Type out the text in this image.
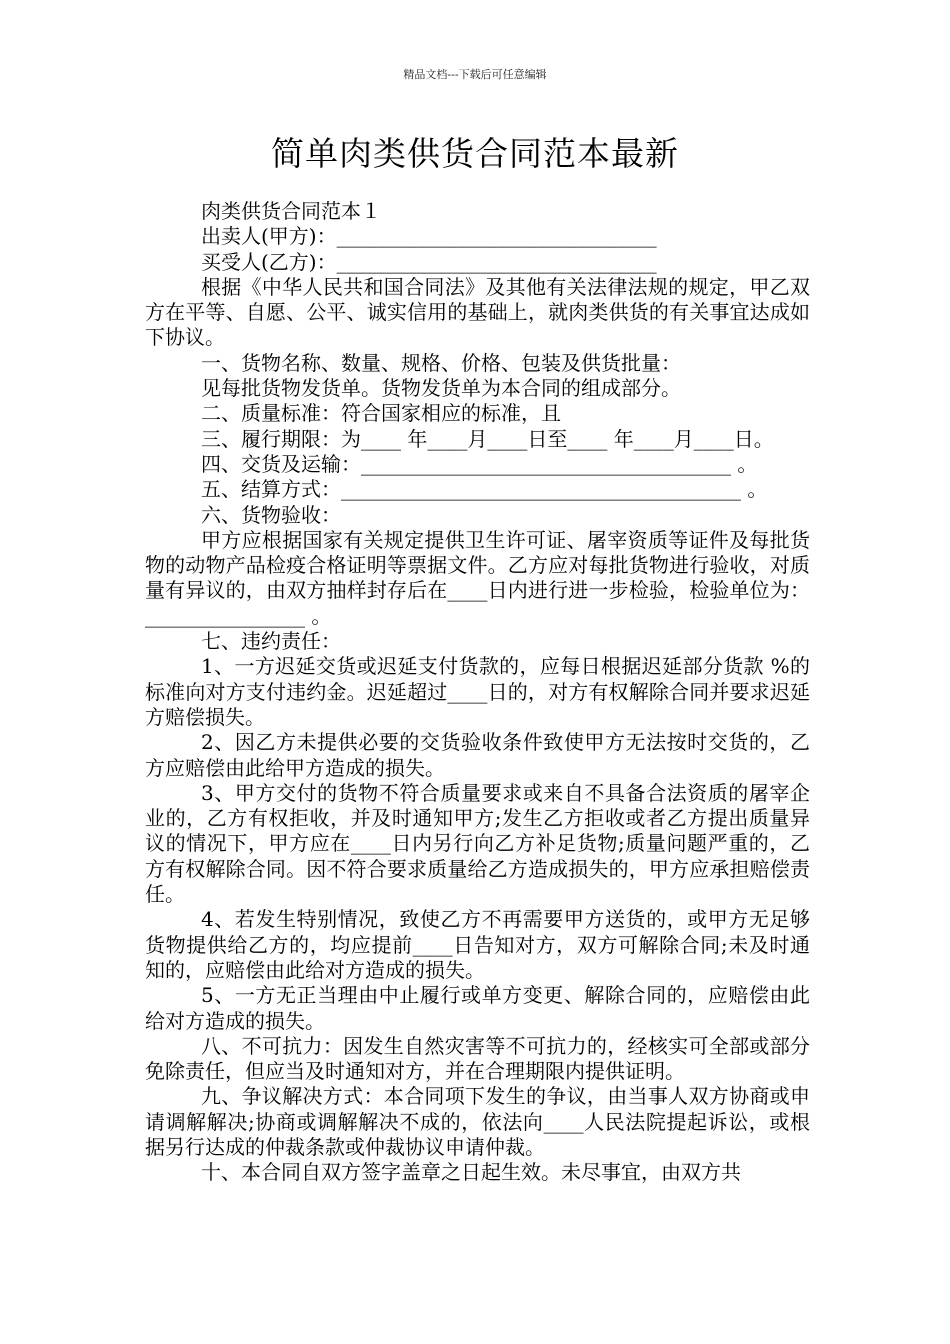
精品文档---下载后可任意编辑
简单肉类供货合同范本最新

肉类供货合同范本１

出卖人(甲方)：________________________________

买受人(乙方)：________________________________

根据《中华人民共和国合同法》及其他有关法律法规的规定，甲乙双方在平等、自愿、公平、诚实信用的基础上，就肉类供货的有关事宜达成如下协议。

一、货物名称、数量、规格、价格、包装及供货批量：

见每批货物发货单。货物发货单为本合同的组成部分。

二、质量标准：符合国家相应的标准，且

三、履行期限：为____ 年____月____日至____ 年____月____日。

四、交货及运输：_____________________________________ 。

五、结算方式：________________________________________ 。

六、货物验收：

甲方应根据国家有关规定提供卫生许可证、屠宰资质等证件及每批货物的动物产品检疫合格证明等票据文件。乙方应对每批货物进行验收，对质量有异议的，由双方抽样封存后在____日内进行进一步检验，检验单位为：________________ 。

七、违约责任：

1、一方迟延交货或迟延支付货款的，应每日根据迟延部分货款 %的标准向对方支付违约金。迟延超过____日的，对方有权解除合同并要求迟延方赔偿损失。

2、因乙方未提供必要的交货验收条件致使甲方无法按时交货的，乙方应赔偿由此给甲方造成的损失。

3、甲方交付的货物不符合质量要求或来自不具备合法资质的屠宰企业的，乙方有权拒收，并及时通知甲方;发生乙方拒收或者乙方提出质量异议的情况下，甲方应在____日内另行向乙方补足货物;质量问题严重的，乙方有权解除合同。因不符合要求质量给乙方造成损失的，甲方应承担赔偿责任。

4、若发生特别情况，致使乙方不再需要甲方送货的，或甲方无足够货物提供给乙方的，均应提前____日告知对方，双方可解除合同;未及时通知的，应赔偿由此给对方造成的损失。

5、一方无正当理由中止履行或单方变更、解除合同的，应赔偿由此给对方造成的损失。

八、不可抗力：因发生自然灾害等不可抗力的，经核实可全部或部分免除责任，但应当及时通知对方，并在合理期限内提供证明。

九、争议解决方式：本合同项下发生的争议，由当事人双方协商或申请调解解决;协商或调解解决不成的，依法向____人民法院提起诉讼，或根据另行达成的仲裁条款或仲裁协议申请仲裁。

十、本合同自双方签字盖章之日起生效。未尽事宜，由双方共
